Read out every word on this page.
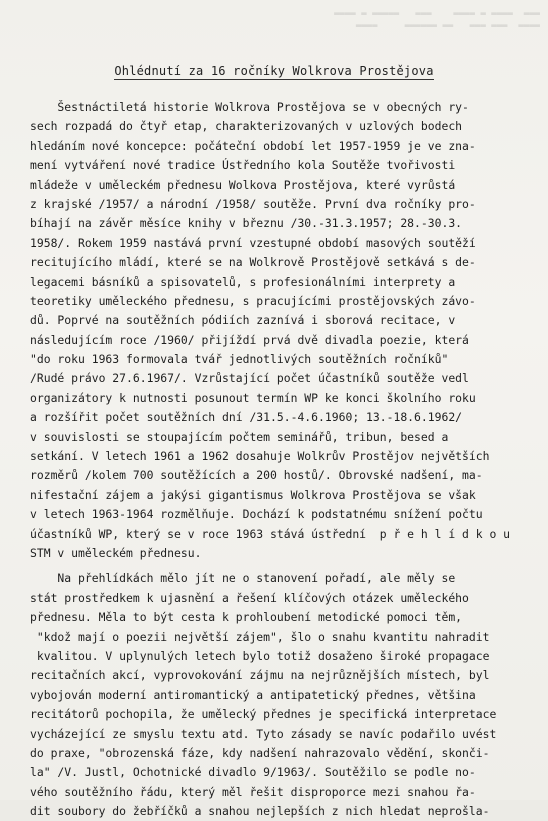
▬▬▬  ▬▬▬▬ ▬ ▬▬▬▬    ▬▬▬   ▬▬▬▬▬ ▬ ▬▬▬▬
▬▬▬▬  ▬▬▬ ▬▬▬   ▬▬ ▬▬▬▬▬▬     ▬▬▬▬
Ohlédnutí za 16 ročníky Wolkrova Prostějova
Šestnáctiletá historie Wolkrova Prostějova se v obecných ry-
sech rozpadá do čtyř etap, charakterizovaných v uzlových bodech
hledáním nové koncepce: počáteční období let 1957-1959 je ve zna-
mení vytváření nové tradice Ústředního kola Soutěže tvořivosti
mládeže v uměleckém přednesu Wolkova Prostějova, které vyrůstá
z krajské /1957/ a národní /1958/ soutěže. První dva ročníky pro-
bíhají na závěr měsíce knihy v březnu /30.-31.3.1957; 28.-30.3.
1958/. Rokem 1959 nastává první vzestupné období masových soutěží
recitujícího mládí, které se na Wolkrově Prostějově setkává s de-
legacemi básníků a spisovatelů, s profesionálními interprety a
teoretiky uměleckého přednesu, s pracujícími prostějovských závo-
dů. Poprvé na soutěžních pódiích zaznívá i sborová recitace, v
následujícím roce /1960/ přijíždí prvá dvě divadla poezie, která
"do roku 1963 formovala tvář jednotlivých soutěžních ročníků"
/Rudé právo 27.6.1967/. Vzrůstající počet účastníků soutěže vedl
organizátory k nutnosti posunout termín WP ke konci školního roku
a rozšířit počet soutěžních dní /31.5.-4.6.1960; 13.-18.6.1962/
v souvislosti se stoupajícím počtem seminářů, tribun, besed a
setkání. V letech 1961 a 1962 dosahuje Wolkrův Prostějov největších
rozměrů /kolem 700 soutěžících a 200 hostů/. Obrovské nadšení, ma-
nifestační zájem a jakýsi gigantismus Wolkrova Prostějova se však
v letech 1963-1964 rozmělňuje. Dochází k podstatnému snížení počtu
účastníků WP, který se v roce 1963 stává ústřední  p ř e h l í d k o u
STM v uměleckém přednesu.
Na přehlídkách mělo jít ne o stanovení pořadí, ale měly se
stát prostředkem k ujasnění a řešení klíčových otázek uměleckého
přednesu. Měla to být cesta k prohloubení metodické pomoci těm,
"kdož mají o poezii největší zájem", šlo o snahu kvantitu nahradit
kvalitou. V uplynulých letech bylo totiž dosaženo široké propagace
recitačních akcí, vyprovokování zájmu na nejrůznějších místech, byl
vybojován moderní antiromantický a antipatetický přednes, většina
recitátorů pochopila, že umělecký přednes je specifická interpretace
vycházející ze smyslu textu atd. Tyto zásady se navíc podařilo uvést
do praxe, "obrozenská fáze, kdy nadšení nahrazovalo vědění, skonči-
la" /V. Justl, Ochotnické divadlo 9/1963/. Soutěžilo se podle no-
vého soutěžního řádu, který měl řešit disproporce mezi snahou řa-
dit soubory do žebříčků a snahou nejlepších z nich hledat neprošla-
